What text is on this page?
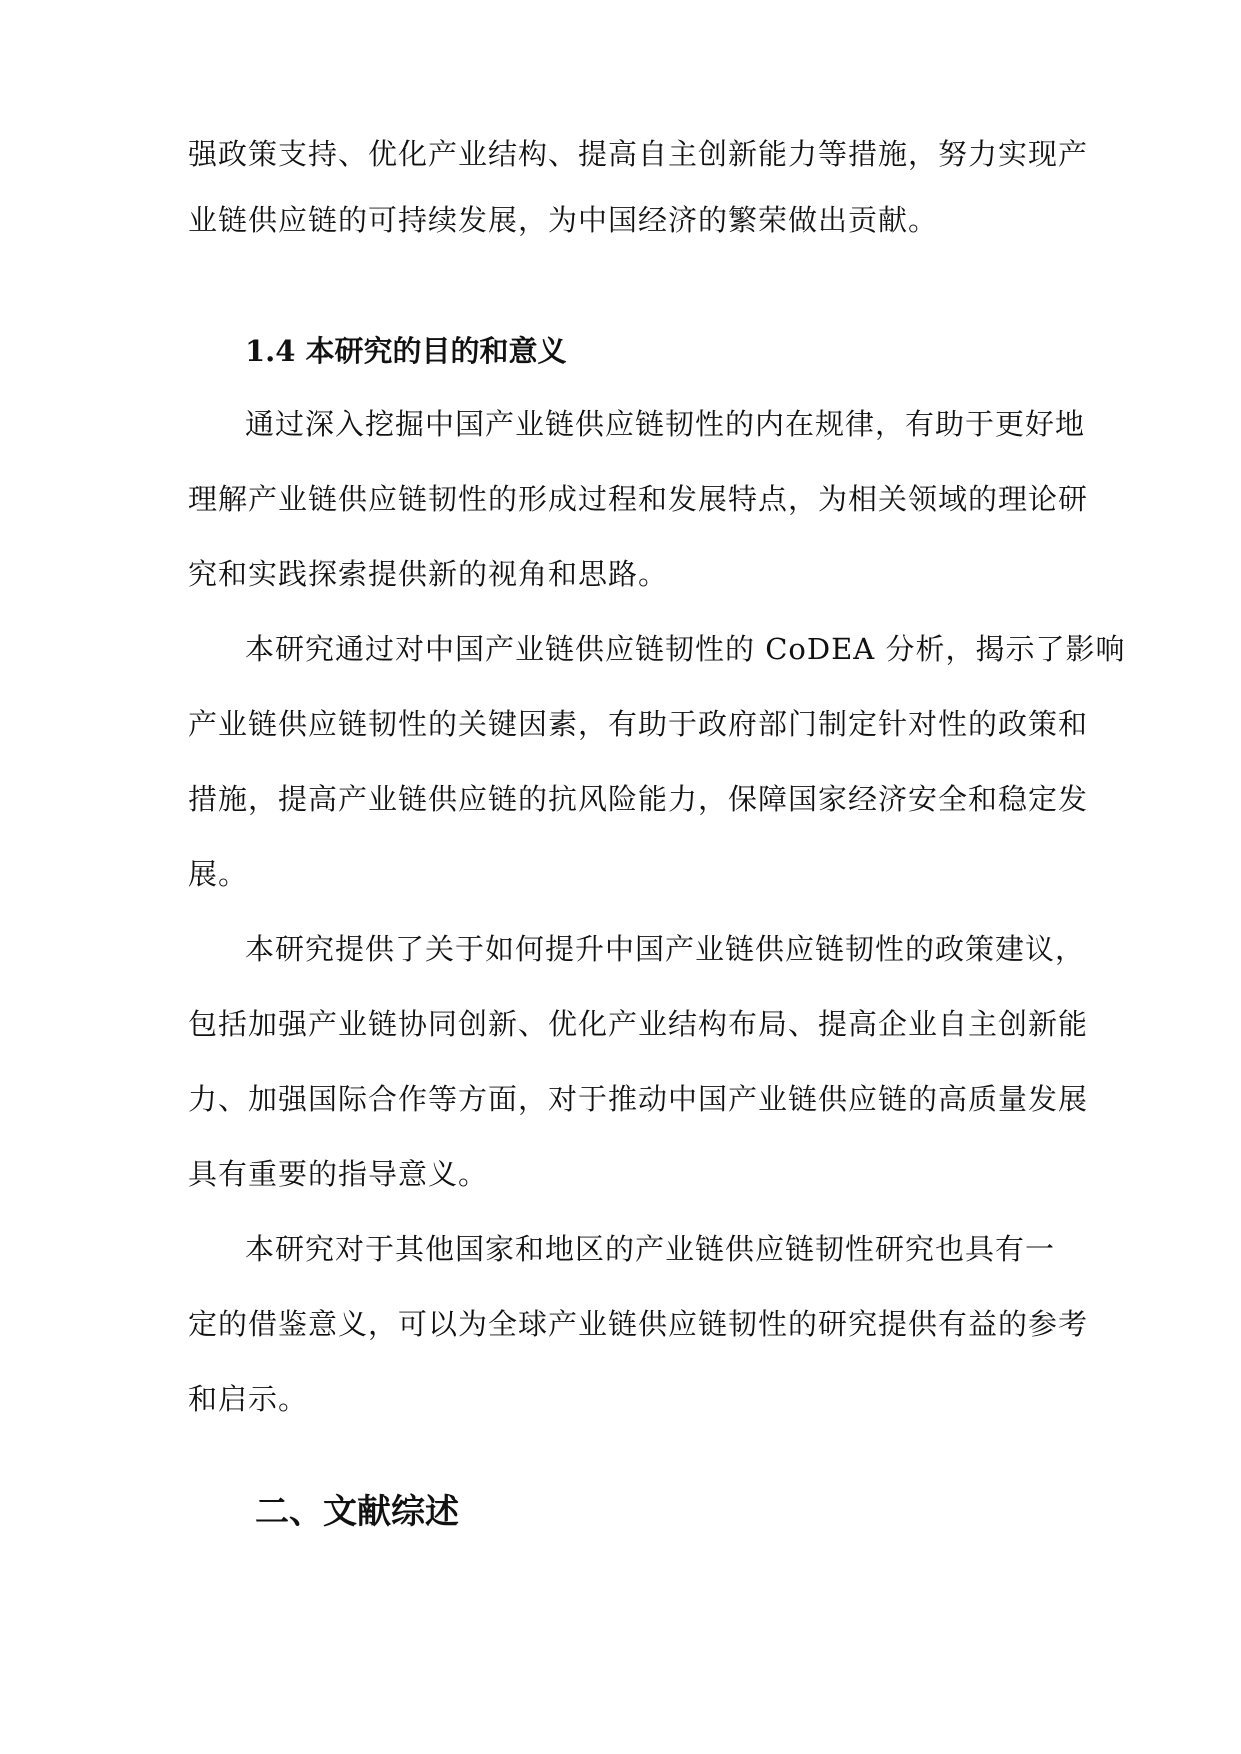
强政策支持、优化产业结构、提高自主创新能力等措施，努力实现产
业链供应链的可持续发展，为中国经济的繁荣做出贡献。
1.4 本研究的目的和意义
通过深入挖掘中国产业链供应链韧性的内在规律，有助于更好地
理解产业链供应链韧性的形成过程和发展特点，为相关领域的理论研
究和实践探索提供新的视角和思路。
本研究通过对中国产业链供应链韧性的 CoDEA 分析，揭示了影响
产业链供应链韧性的关键因素，有助于政府部门制定针对性的政策和
措施，提高产业链供应链的抗风险能力，保障国家经济安全和稳定发
展。
本研究提供了关于如何提升中国产业链供应链韧性的政策建议，
包括加强产业链协同创新、优化产业结构布局、提高企业自主创新能
力、加强国际合作等方面，对于推动中国产业链供应链的高质量发展
具有重要的指导意义。
本研究对于其他国家和地区的产业链供应链韧性研究也具有一
定的借鉴意义，可以为全球产业链供应链韧性的研究提供有益的参考
和启示。
二、文献综述
